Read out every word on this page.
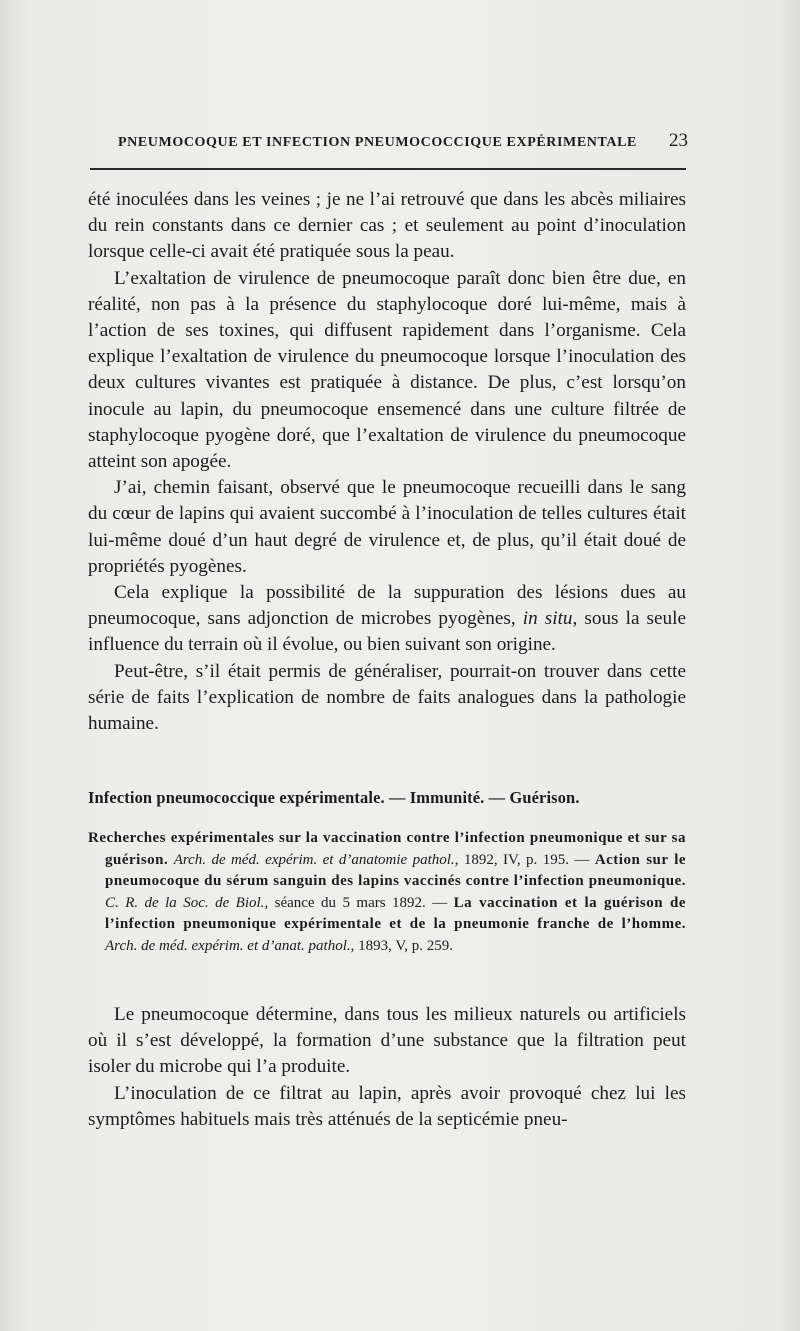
PNEUMOCOQUE ET INFECTION PNEUMOCOCCIQUE EXPÉRIMENTALE 23

été inoculées dans les veines ; je ne l’ai retrouvé que dans les abcès miliaires du rein constants dans ce dernier cas ; et seulement au point d’inoculation lorsque celle-ci avait été pratiquée sous la peau.

L’exaltation de virulence de pneumocoque paraît donc bien être due, en réalité, non pas à la présence du staphylocoque doré lui-même, mais à l’action de ses toxines, qui diffusent rapidement dans l’organisme. Cela explique l’exaltation de virulence du pneumocoque lorsque l’inoculation des deux cultures vivantes est pratiquée à distance. De plus, c’est lorsqu’on inocule au lapin, du pneumocoque ensemencé dans une culture filtrée de staphylocoque pyogène doré, que l’exaltation de virulence du pneumocoque atteint son apogée.

J’ai, chemin faisant, observé que le pneumocoque recueilli dans le sang du cœur de lapins qui avaient succombé à l’inoculation de telles cultures était lui-même doué d’un haut degré de virulence et, de plus, qu’il était doué de propriétés pyogènes.

Cela explique la possibilité de la suppuration des lésions dues au pneumocoque, sans adjonction de microbes pyogènes, in situ, sous la seule influence du terrain où il évolue, ou bien suivant son origine.

Peut-être, s’il était permis de généraliser, pourrait-on trouver dans cette série de faits l’explication de nombre de faits analogues dans la pathologie humaine.

Infection pneumococcique expérimentale. — Immunité. — Guérison.
Recherches expérimentales sur la vaccination contre l’infection pneumonique et sur sa guérison. Arch. de méd. expérim. et d’anatomie pathol., 1892, IV, p. 195. — Action sur le pneumocoque du sérum sanguin des lapins vaccinés contre l’infection pneumonique. C. R. de la Soc. de Biol., séance du 5 mars 1892. — La vaccination et la guérison de l’infection pneumonique expérimentale et de la pneumonie franche de l’homme. Arch. de méd. expérim. et d’anat. pathol., 1893, V, p. 259.

Le pneumocoque détermine, dans tous les milieux naturels ou artificiels où il s’est développé, la formation d’une substance que la filtration peut isoler du microbe qui l’a produite.

L’inoculation de ce filtrat au lapin, après avoir provoqué chez lui les symptômes habituels mais très atténués de la septicémie pneu-
